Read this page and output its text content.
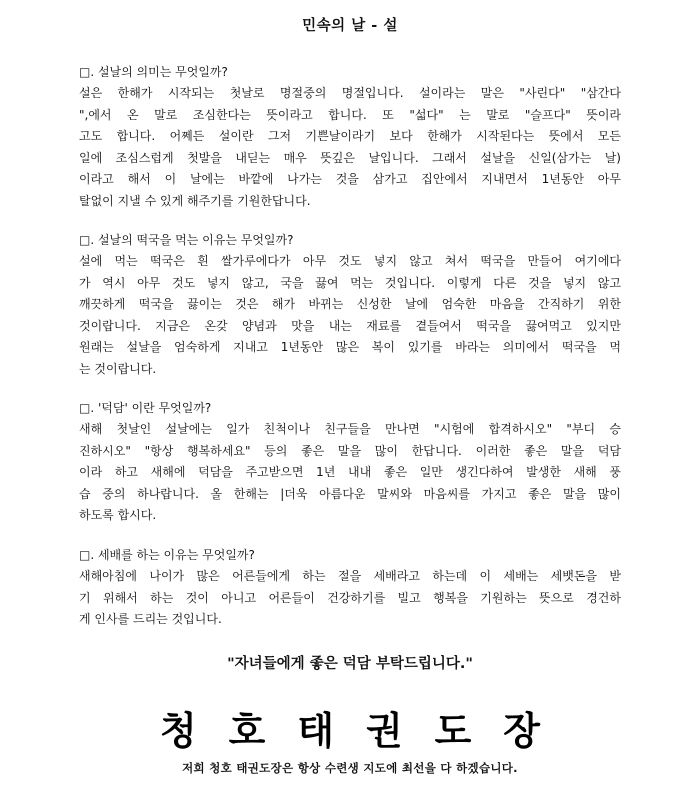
민속의 날 - 설
□. 설날의 의미는 무엇일까?
설은 한해가 시작되는 첫날로 명절중의 명절입니다. 설이라는 말은 "사린다" "삼간다
",에서 온 말로 조심한다는 뜻이라고 합니다. 또 "섧다" 는 말로 "슬프다" 뜻이라
고도 합니다. 어쩨든 설이란 그저 기쁜날이라기 보다 한해가 시작된다는 뜻에서 모든
일에 조심스럽게 첫발을 내딛는 매우 뜻깊은 날입니다. 그래서 설날을 신일(삼가는 날)
이라고 해서 이 날에는 바깥에 나가는 것을 삼가고 집안에서 지내면서 1년동안 아무
탈없이 지낼 수 있게 해주기를 기원한답니다.
□. 설날의 떡국을 먹는 이유는 무엇일까?
설에 먹는 떡국은 흰 쌀가루에다가 아무 것도 넣지 않고 쳐서 떡국을 만들어 여기에다
가 역시 아무 것도 넣지 않고, 국을 끓여 먹는 것입니다. 이렇게 다른 것을 넣지 않고
깨끗하게 떡국을 끓이는 것은 해가 바뀌는 신성한 날에 엄숙한 마음을 간직하기 위한
것이랍니다. 지금은 온갖 양념과 맛을 내는 재료를 곁들여서 떡국을 끓여먹고 있지만
원래는 설날을 엄숙하게 지내고 1년동안 많은 복이 있기를 바라는 의미에서 떡국을 먹
는 것이랍니다.
□. '덕담' 이란 무엇일까?
새해 첫날인 설날에는 일가 친척이나 친구들을 만나면 "시험에 합격하시오" "부디 승
진하시오" "항상 행복하세요" 등의 좋은 말을 많이 한답니다. 이러한 좋은 말을 덕담
이라 하고 새해에 덕담을 주고받으면 1년 내내 좋은 일만 생긴다하여 발생한 새해 풍
습 중의 하나랍니다. 올 한해는 |더욱 아름다운 말씨와 마음씨를 가지고 좋은 말을 많이
하도록 합시다.
□. 세배를 하는 이유는 무엇일까?
새해아침에 나이가 많은 어른들에게 하는 절을 세배라고 하는데 이 세배는 세뱃돈을 받
기 위해서 하는 것이 아니고 어른들이 건강하기를 빌고 행복을 기원하는 뜻으로 경건하
게 인사를 드리는 것입니다.
"자녀들에게 좋은 덕담 부탁드립니다."
청 호 태 권 도 장
저희 청호 태권도장은 항상 수련생 지도에 최선을 다 하겠습니다.
